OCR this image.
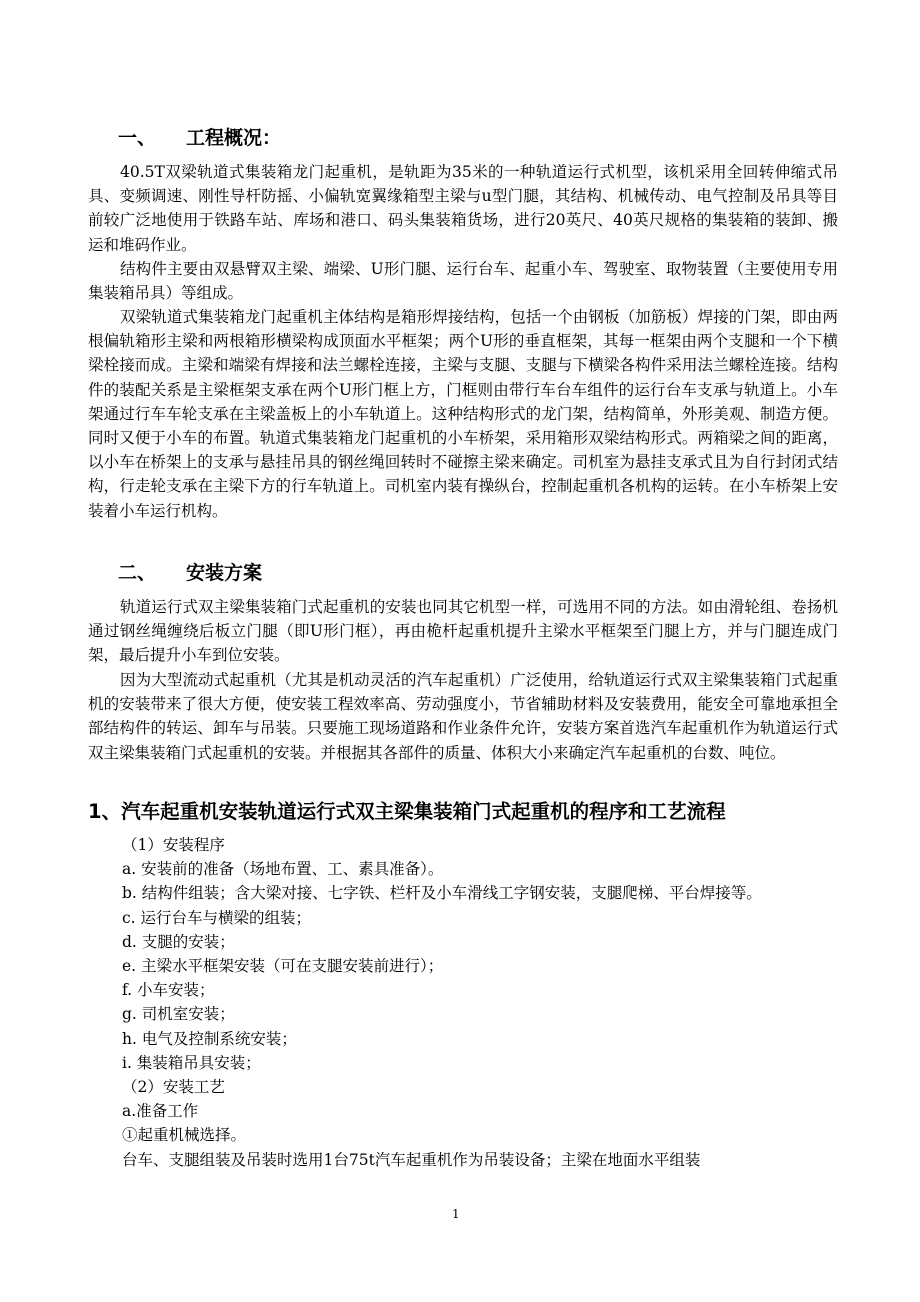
一、 工程概况：
40.5T双梁轨道式集装箱龙门起重机，是轨距为35米的一种轨道运行式机型，该机采用全回转伸缩式吊具、变频调速、刚性导杆防摇、小偏轨宽翼缘箱型主梁与u型门腿，其结构、机械传动、电气控制及吊具等目前较广泛地使用于铁路车站、库场和港口、码头集装箱货场，进行20英尺、40英尺规格的集装箱的装卸、搬运和堆码作业。
结构件主要由双悬臂双主梁、端梁、U形门腿、运行台车、起重小车、驾驶室、取物装置（主要使用专用集装箱吊具）等组成。
双梁轨道式集装箱龙门起重机主体结构是箱形焊接结构，包括一个由钢板（加筋板）焊接的门架，即由两根偏轨箱形主梁和两根箱形横梁构成顶面水平框架；两个U形的垂直框架，其每一框架由两个支腿和一个下横梁栓接而成。主梁和端梁有焊接和法兰螺栓连接，主梁与支腿、支腿与下横梁各构件采用法兰螺栓连接。结构件的装配关系是主梁框架支承在两个U形门框上方，门框则由带行车台车组件的运行台车支承与轨道上。小车架通过行车车轮支承在主梁盖板上的小车轨道上。这种结构形式的龙门架，结构简单，外形美观、制造方便。同时又便于小车的布置。轨道式集装箱龙门起重机的小车桥架，采用箱形双梁结构形式。两箱梁之间的距离，以小车在桥架上的支承与悬挂吊具的钢丝绳回转时不碰擦主梁来确定。司机室为悬挂支承式且为自行封闭式结构，行走轮支承在主梁下方的行车轨道上。司机室内装有操纵台，控制起重机各机构的运转。在小车桥架上安装着小车运行机构。
二、 安装方案
轨道运行式双主梁集装箱门式起重机的安装也同其它机型一样，可选用不同的方法。如由滑轮组、卷扬机通过钢丝绳缠绕后板立门腿（即U形门框），再由桅杆起重机提升主梁水平框架至门腿上方，并与门腿连成门架，最后提升小车到位安装。
因为大型流动式起重机（尤其是机动灵活的汽车起重机）广泛使用，给轨道运行式双主梁集装箱门式起重机的安装带来了很大方便，使安装工程效率高、劳动强度小，节省辅助材料及安装费用，能安全可靠地承担全部结构件的转运、卸车与吊装。只要施工现场道路和作业条件允许，安装方案首选汽车起重机作为轨道运行式双主梁集装箱门式起重机的安装。并根据其各部件的质量、体积大小来确定汽车起重机的台数、吨位。
1、汽车起重机安装轨道运行式双主梁集装箱门式起重机的程序和工艺流程
（1）安装程序
a. 安装前的准备（场地布置、工、素具准备）。
b. 结构件组装；含大梁对接、七字铁、栏杆及小车滑线工字钢安装，支腿爬梯、平台焊接等。
c. 运行台车与横梁的组装；
d. 支腿的安装；
e. 主梁水平框架安装（可在支腿安装前进行）；
f. 小车安装；
g. 司机室安装；
h. 电气及控制系统安装；
i. 集装箱吊具安装；
（2）安装工艺
a.准备工作
①起重机械选择。
台车、支腿组装及吊装时选用1台75t汽车起重机作为吊装设备；主梁在地面水平组装
1
